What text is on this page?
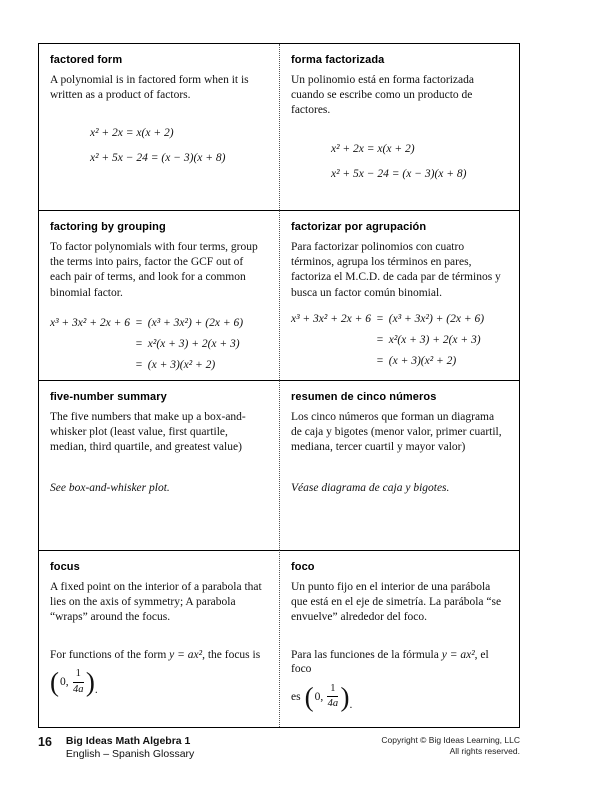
factored form
A polynomial is in factored form when it is written as a product of factors.
x² + 2x = x(x + 2)
x² + 5x − 24 = (x − 3)(x + 8)
forma factorizada
Un polinomio está en forma factorizada cuando se escribe como un producto de factores.
x² + 2x = x(x + 2)
x² + 5x − 24 = (x − 3)(x + 8)
factoring by grouping
To factor polynomials with four terms, group the terms into pairs, factor the GCF out of each pair of terms, and look for a common binomial factor.
x³ + 3x² + 2x + 6 = (x³ + 3x²) + (2x + 6)
= x²(x + 3) + 2(x + 3)
= (x + 3)(x² + 2)
factorizar por agrupación
Para factorizar polinomios con cuatro términos, agrupa los términos en pares, factoriza el M.C.D. de cada par de términos y busca un factor común binomial.
x³ + 3x² + 2x + 6 = (x³ + 3x²) + (2x + 6)
= x²(x + 3) + 2(x + 3)
= (x + 3)(x² + 2)
five-number summary
The five numbers that make up a box-and-whisker plot (least value, first quartile, median, third quartile, and greatest value)
See box-and-whisker plot.
resumen de cinco números
Los cinco números que forman un diagrama de caja y bigotes (menor valor, primer cuartil, mediana, tercer cuartil y mayor valor)
Véase diagrama de caja y bigotes.
focus
A fixed point on the interior of a parabola that lies on the axis of symmetry; A parabola “wraps” around the focus.
For functions of the form y = ax², the focus is
( 0, $\frac{1}{4a}$ ) .
foco
Un punto fijo en el interior de una parábola que está en el eje de simetría. La parábola “se envuelve” alrededor del foco.
Para las funciones de la fórmula y = ax², el foco
es ( 0, $\frac{1}{4a}$ ) .
16 Big Ideas Math Algebra 1
English – Spanish Glossary
Copyright © Big Ideas Learning, LLC
All rights reserved.
